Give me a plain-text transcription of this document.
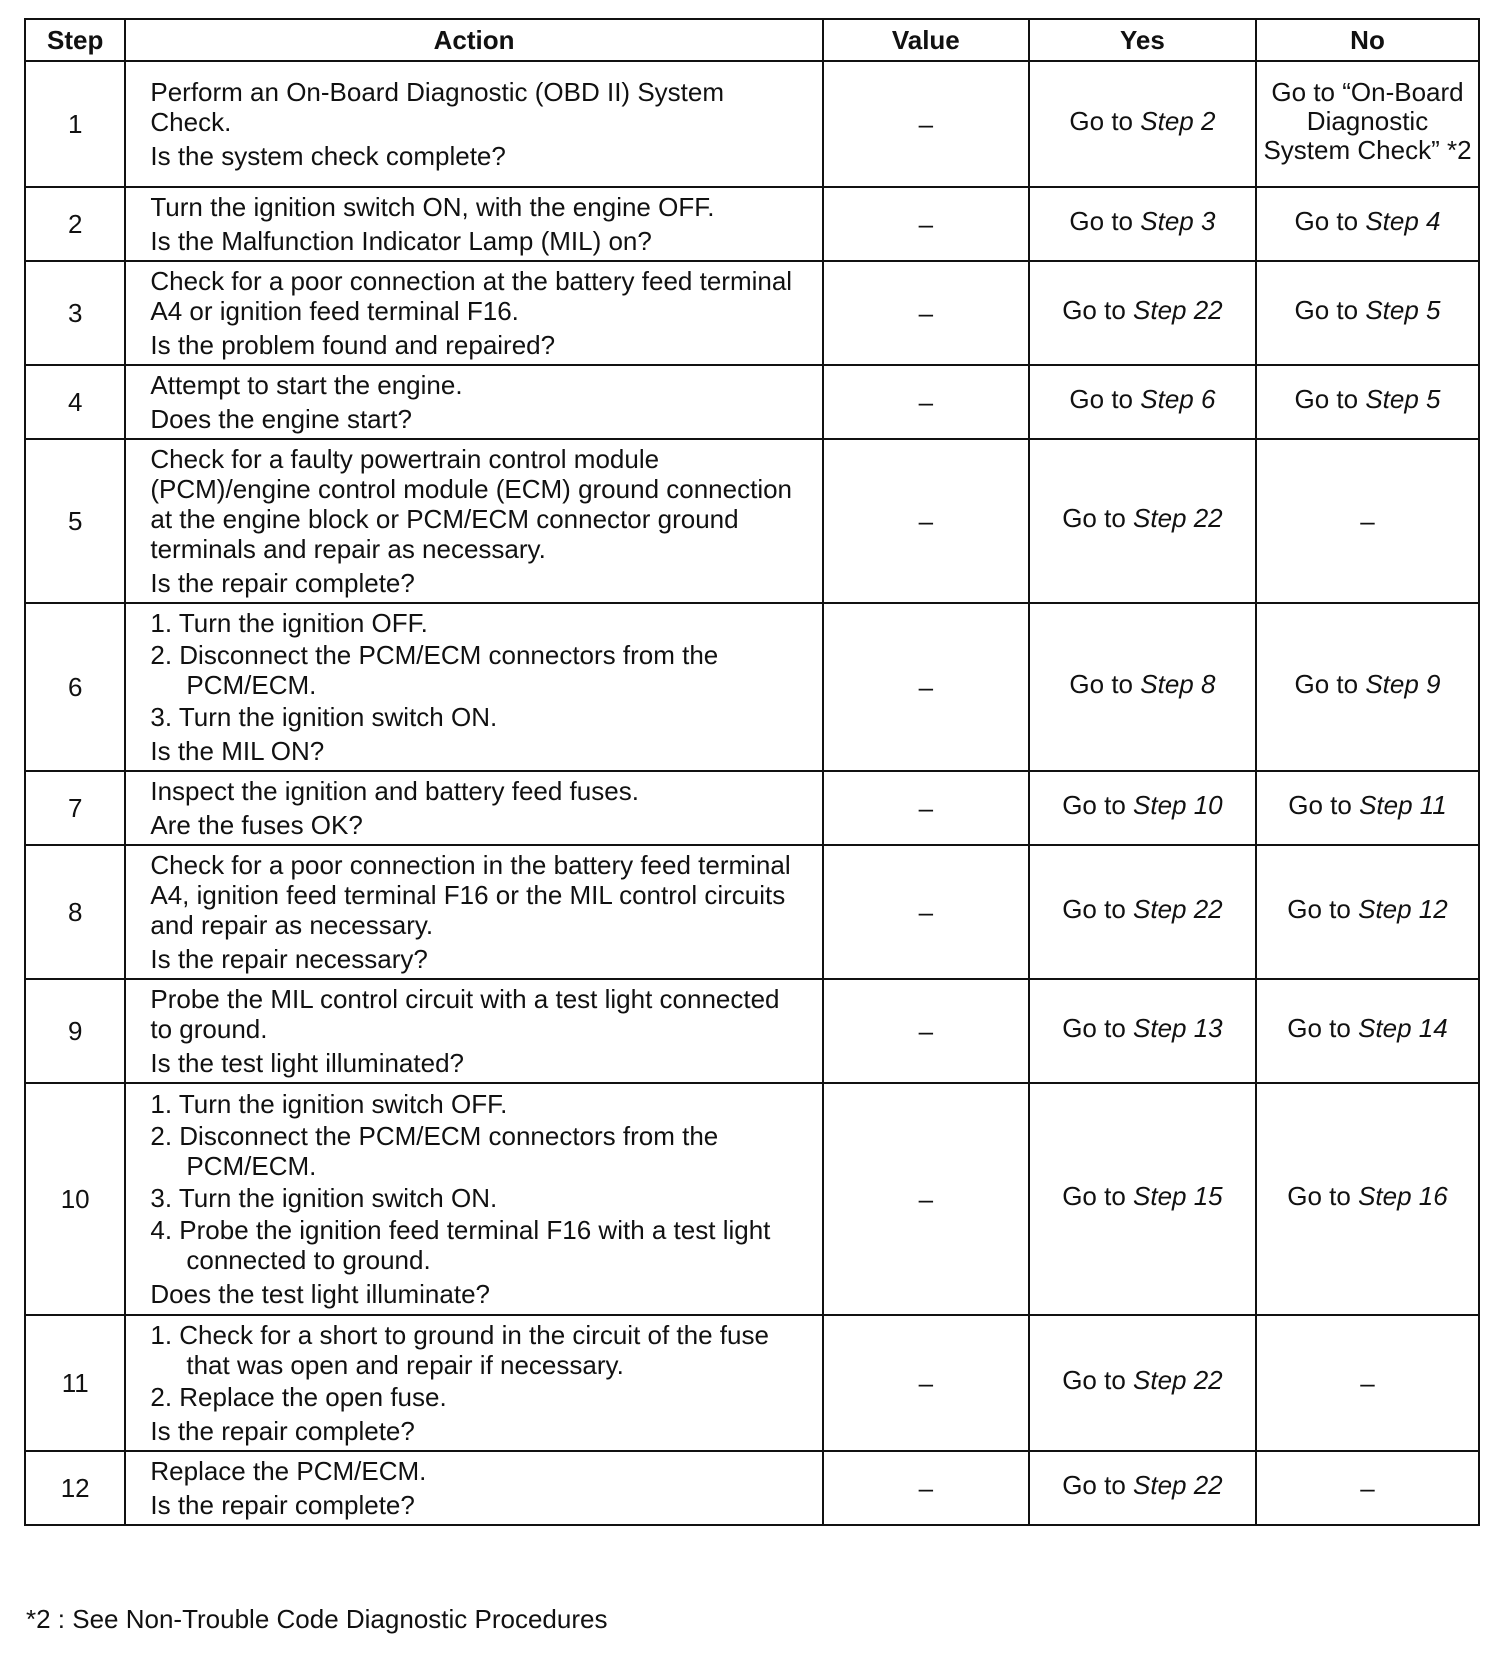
Step	Action	Value	Yes	No
1	Perform an On-Board Diagnostic (OBD II) System Check.
Is the system check complete?	–	Go to Step 2	Go to “On-Board Diagnostic System Check” *2

2	Turn the ignition switch ON, with the engine OFF.
Is the Malfunction Indicator Lamp (MIL) on?	–	Go to Step 3	Go to Step 4
3	Check for a poor connection at the battery feed terminal A4 or ignition feed terminal F16.
Is the problem found and repaired?	–	Go to Step 22	Go to Step 5
4	Attempt to start the engine.
Does the engine start?	–	Go to Step 6	Go to Step 5
5	Check for a faulty powertrain control module (PCM)/engine control module (ECM) ground connection at the engine block or PCM/ECM connector ground terminals and repair as necessary.
Is the repair complete?	–	Go to Step 22	–
6	1. Turn the ignition OFF.
2. Disconnect the PCM/ECM connectors from the PCM/ECM.
3. Turn the ignition switch ON.
Is the MIL ON?	–	Go to Step 8	Go to Step 9
7	Inspect the ignition and battery feed fuses.
Are the fuses OK?	–	Go to Step 10	Go to Step 11
8	Check for a poor connection in the battery feed terminal A4, ignition feed terminal F16 or the MIL control circuits and repair as necessary.
Is the repair necessary?	–	Go to Step 22	Go to Step 12
9	Probe the MIL control circuit with a test light connected to ground.
Is the test light illuminated?	–	Go to Step 13	Go to Step 14
10	1. Turn the ignition switch OFF.
2. Disconnect the PCM/ECM connectors from the PCM/ECM.
3. Turn the ignition switch ON.
4. Probe the ignition feed terminal F16 with a test light connected to ground.
Does the test light illuminate?	–	Go to Step 15	Go to Step 16
11	1. Check for a short to ground in the circuit of the fuse that was open and repair if necessary.
2. Replace the open fuse.
Is the repair complete?	–	Go to Step 22	–
12	Replace the PCM/ECM.
Is the repair complete?	–	Go to Step 22	–
*2 : See Non-Trouble Code Diagnostic Procedures
